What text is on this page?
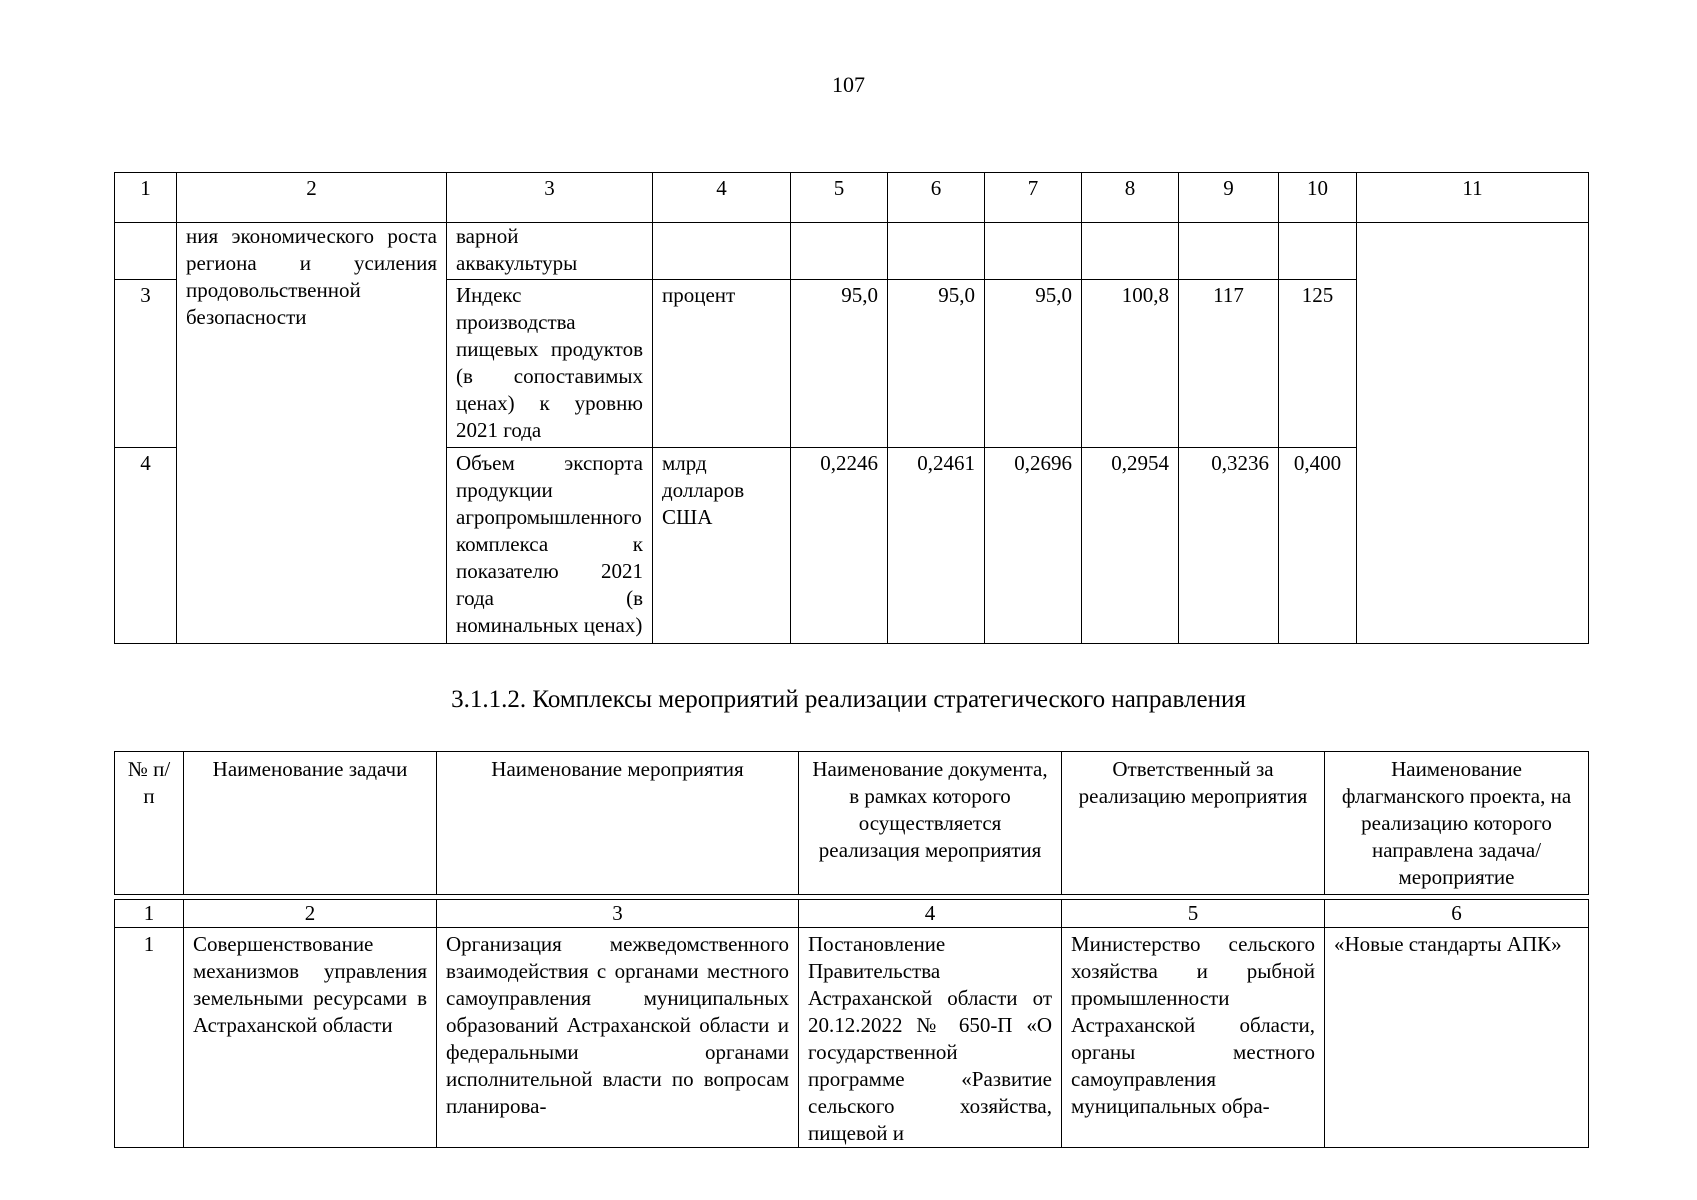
107
1	2	3	4	5	6	7	8	9	10	11
	ния экономического роста региона и усиления продовольственной безопасности	варной аквакультуры								
3		Индекс производства пищевых продуктов (в сопоставимых ценах) к уровню 2021 года	процент	95,0	95,0	95,0	100,8	117	125	
4		Объем экспорта продукции агропромышленного комплекса к показателю 2021 года (в номинальных ценах)	млрд долларов США	0,2246	0,2461	0,2696	0,2954	0,3236	0,400	
3.1.1.2. Комплексы мероприятий реализации стратегического направления
№ п/п	Наименование задачи	Наименование мероприятия	Наименование документа, в рамках которого осуществляется реализация мероприятия	Ответственный за реализацию мероприятия	Наименование флагманского проекта, на реализацию которого направлена задача/мероприятие
1	2	3	4	5	6
1	Совершенствование механизмов управления земельными ресурсами в Астраханской области	Организация межведомственного взаимодействия с органами местного самоуправления муниципальных образований Астраханской области и федеральными органами исполнительной власти по вопросам планирова-	Постановление Правительства Астраханской области от 20.12.2022 № 650-П «О государственной программе «Развитие сельского хозяйства, пищевой и	Министерство сельского хозяйства и рыбной промышленности Астраханской области, органы местного самоуправления муниципальных обра-	«Новые стандарты АПК»
